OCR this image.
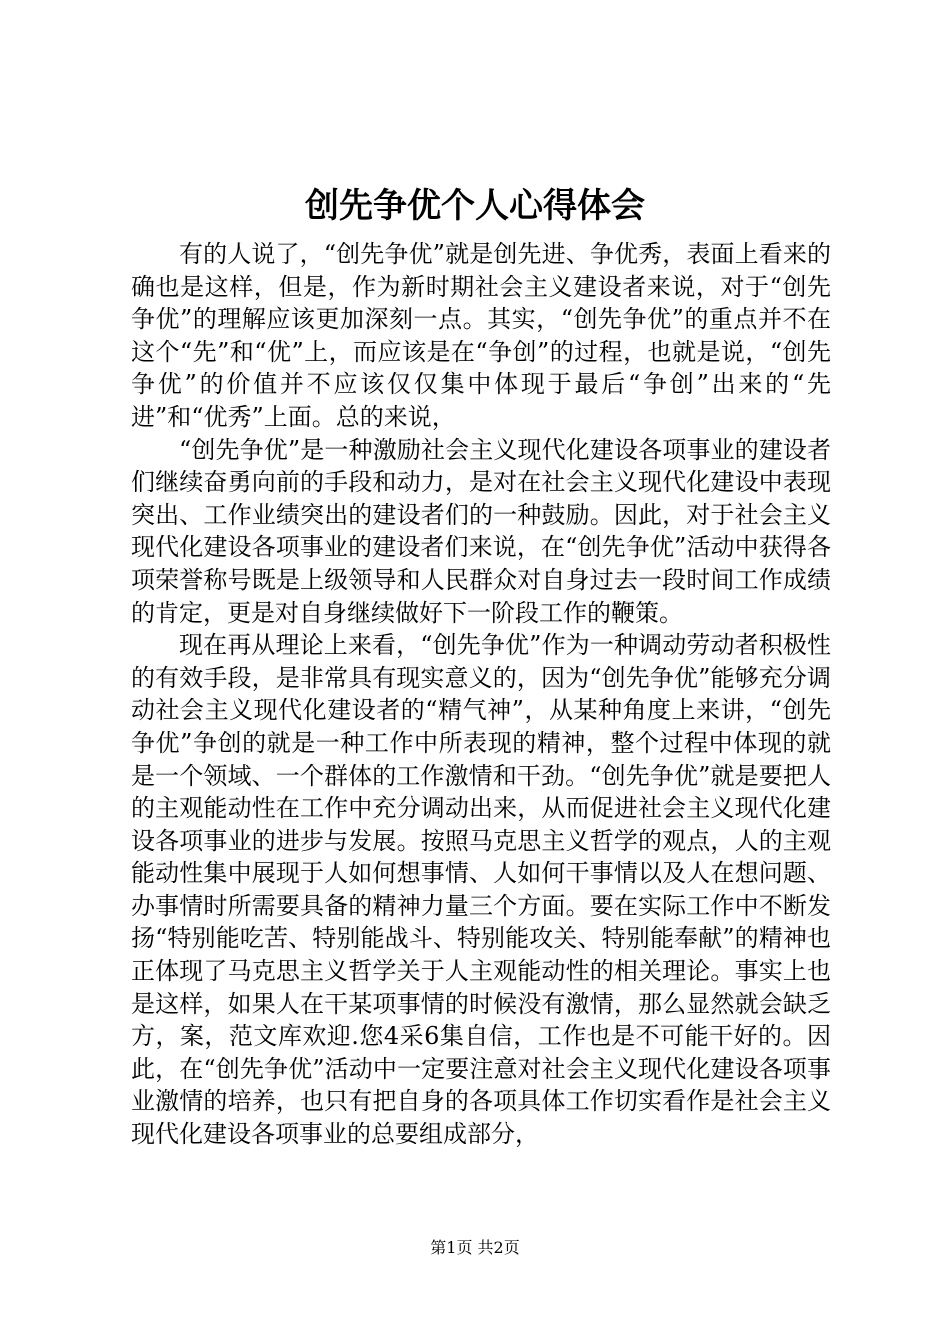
创先争优个人心得体会

有的人说了，“创先争优”就是创先进、争优秀，表面上看来的确也是这样，但是，作为新时期社会主义建设者来说，对于“创先争优”的理解应该更加深刻一点。其实，“创先争优”的重点并不在这个“先”和“优”上，而应该是在“争创”的过程，也就是说，“创先争优”的价值并不应该仅仅集中体现于最后“争创”出来的“先进”和“优秀”上面。总的来说，

“创先争优”是一种激励社会主义现代化建设各项事业的建设者们继续奋勇向前的手段和动力，是对在社会主义现代化建设中表现突出、工作业绩突出的建设者们的一种鼓励。因此，对于社会主义现代化建设各项事业的建设者们来说，在“创先争优”活动中获得各项荣誉称号既是上级领导和人民群众对自身过去一段时间工作成绩的肯定，更是对自身继续做好下一阶段工作的鞭策。

现在再从理论上来看，“创先争优”作为一种调动劳动者积极性的有效手段，是非常具有现实意义的，因为“创先争优”能够充分调动社会主义现代化建设者的“精气神”，从某种角度上来讲，“创先争优”争创的就是一种工作中所表现的精神，整个过程中体现的就是一个领域、一个群体的工作激情和干劲。“创先争优”就是要把人的主观能动性在工作中充分调动出来，从而促进社会主义现代化建设各项事业的进步与发展。按照马克思主义哲学的观点，人的主观能动性集中展现于人如何想事情、人如何干事情以及人在想问题、办事情时所需要具备的精神力量三个方面。要在实际工作中不断发扬“特别能吃苦、特别能战斗、特别能攻关、特别能奉献”的精神也正体现了马克思主义哲学关于人主观能动性的相关理论。事实上也是这样，如果人在干某项事情的时候没有激情，那么显然就会缺乏方，案，范文库欢迎.您4采6集自信，工作也是不可能干好的。因此，在“创先争优”活动中一定要注意对社会主义现代化建设各项事业激情的培养，也只有把自身的各项具体工作切实看作是社会主义现代化建设各项事业的总要组成部分，

第1页 共2页
